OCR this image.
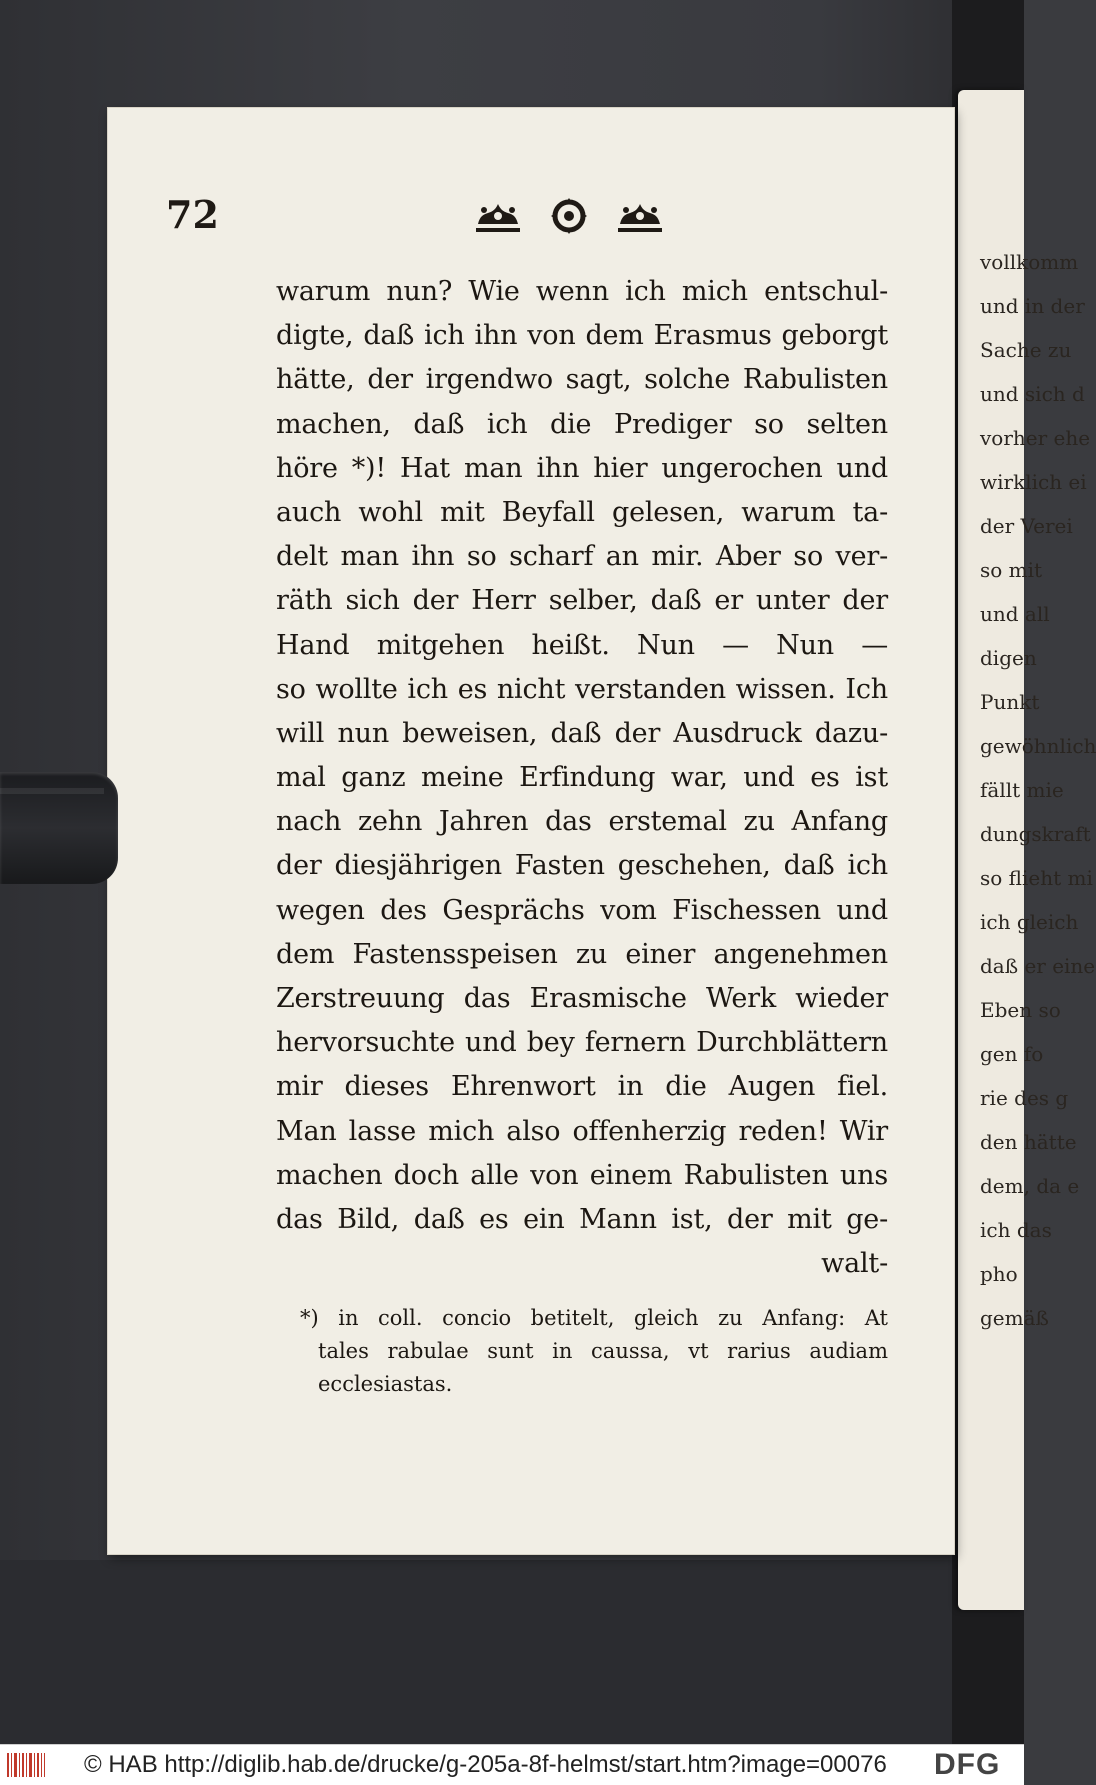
vollkomm
und in der
Sache zu
und sich d
vorher ehe
wirklich ei
der Verei
so mit
und all
digen
Punkt
gewöhnlich
fällt mie
dungskraft
so flieht mi
ich gleich
daß er eine
Eben so
gen fo
rie des g
den hätte
dem, da e
ich das
pho
gemäß
72

warum nun? Wie wenn ich mich entschul-
digte, daß ich ihn von dem Erasmus geborgt
hätte, der irgendwo sagt, solche Rabulisten
machen, daß ich die Prediger so selten
höre *)! Hat man ihn hier ungerochen und
auch wohl mit Beyfall gelesen, warum ta-
delt man ihn so scharf an mir. Aber so ver-
räth sich der Herr selber, daß er unter der
Hand mitgehen heißt. Nun — Nun —
so wollte ich es nicht verstanden wissen. Ich
will nun beweisen, daß der Ausdruck dazu-
mal ganz meine Erfindung war, und es ist
nach zehn Jahren das erstemal zu Anfang
der diesjährigen Fasten geschehen, daß ich
wegen des Gesprächs vom Fischessen und
dem Fastensspeisen zu einer angenehmen
Zerstreuung das Erasmische Werk wieder
hervorsuchte und bey fernern Durchblättern
mir dieses Ehrenwort in die Augen fiel.
Man lasse mich also offenherzig reden! Wir
machen doch alle von einem Rabulisten uns
das Bild, daß es ein Mann ist, der mit ge-
walt-
*) in coll. concio betitelt, gleich zu Anfang: At
tales rabulae sunt in caussa, vt rarius audiam
ecclesiastas.
© HAB http://diglib.hab.de/drucke/g-205a-8f-helmst/start.htm?image=00076 DFG
